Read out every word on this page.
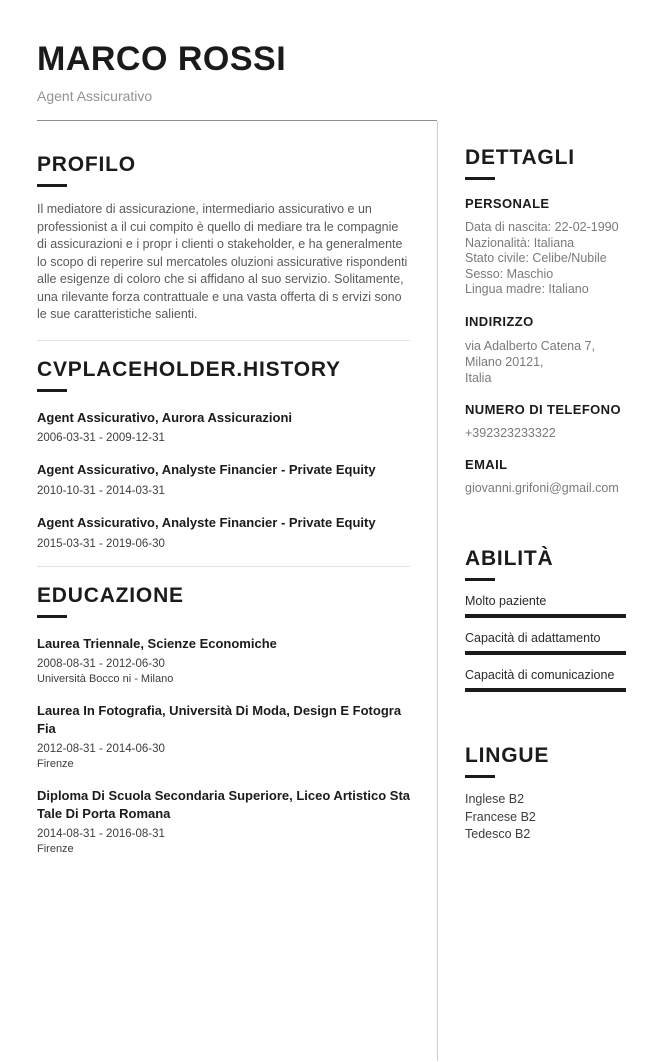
MARCO ROSSI
Agent Assicurativo
PROFILO
Il mediatore di assicurazione, intermediario assicurativo e un professionist a il cui compito è quello di mediare tra le compagnie di assicurazioni e i propr i clienti o stakeholder, e ha generalmente lo scopo di reperire sul mercatoles oluzioni assicurative rispondenti alle esigenze di coloro che si affidano al suo servizio. Solitamente, una rilevante forza contrattuale e una vasta offerta di s ervizi sono le sue caratteristiche salienti.
CVPLACEHOLDER.HISTORY
Agent Assicurativo, Aurora Assicurazioni
2006-03-31 - 2009-12-31
Agent Assicurativo, Analyste Financier - Private Equity
2010-10-31 - 2014-03-31
Agent Assicurativo, Analyste Financier - Private Equity
2015-03-31 - 2019-06-30
EDUCAZIONE
Laurea Triennale, Scienze Economiche
2008-08-31 - 2012-06-30
Università Bocco ni - Milano
Laurea In Fotografia, Università Di Moda, Design E Fotogra Fia
2012-08-31 - 2014-06-30
Firenze
Diploma Di Scuola Secondaria Superiore, Liceo Artistico Sta Tale Di Porta Romana
2014-08-31 - 2016-08-31
Firenze
DETTAGLI
PERSONALE
Data di nascita: 22-02-1990
Nazionalità: Italiana
Stato civile: Celibe/Nubile
Sesso: Maschio
Lingua madre: Italiano
INDIRIZZO
via Adalberto Catena 7,
Milano 20121,
Italia
NUMERO DI TELEFONO
+392323233322
EMAIL
giovanni.grifoni@gmail.com
ABILITÀ
Molto paziente
Capacità di adattamento
Capacità di comunicazione
LINGUE
Inglese B2
Francese B2
Tedesco B2
